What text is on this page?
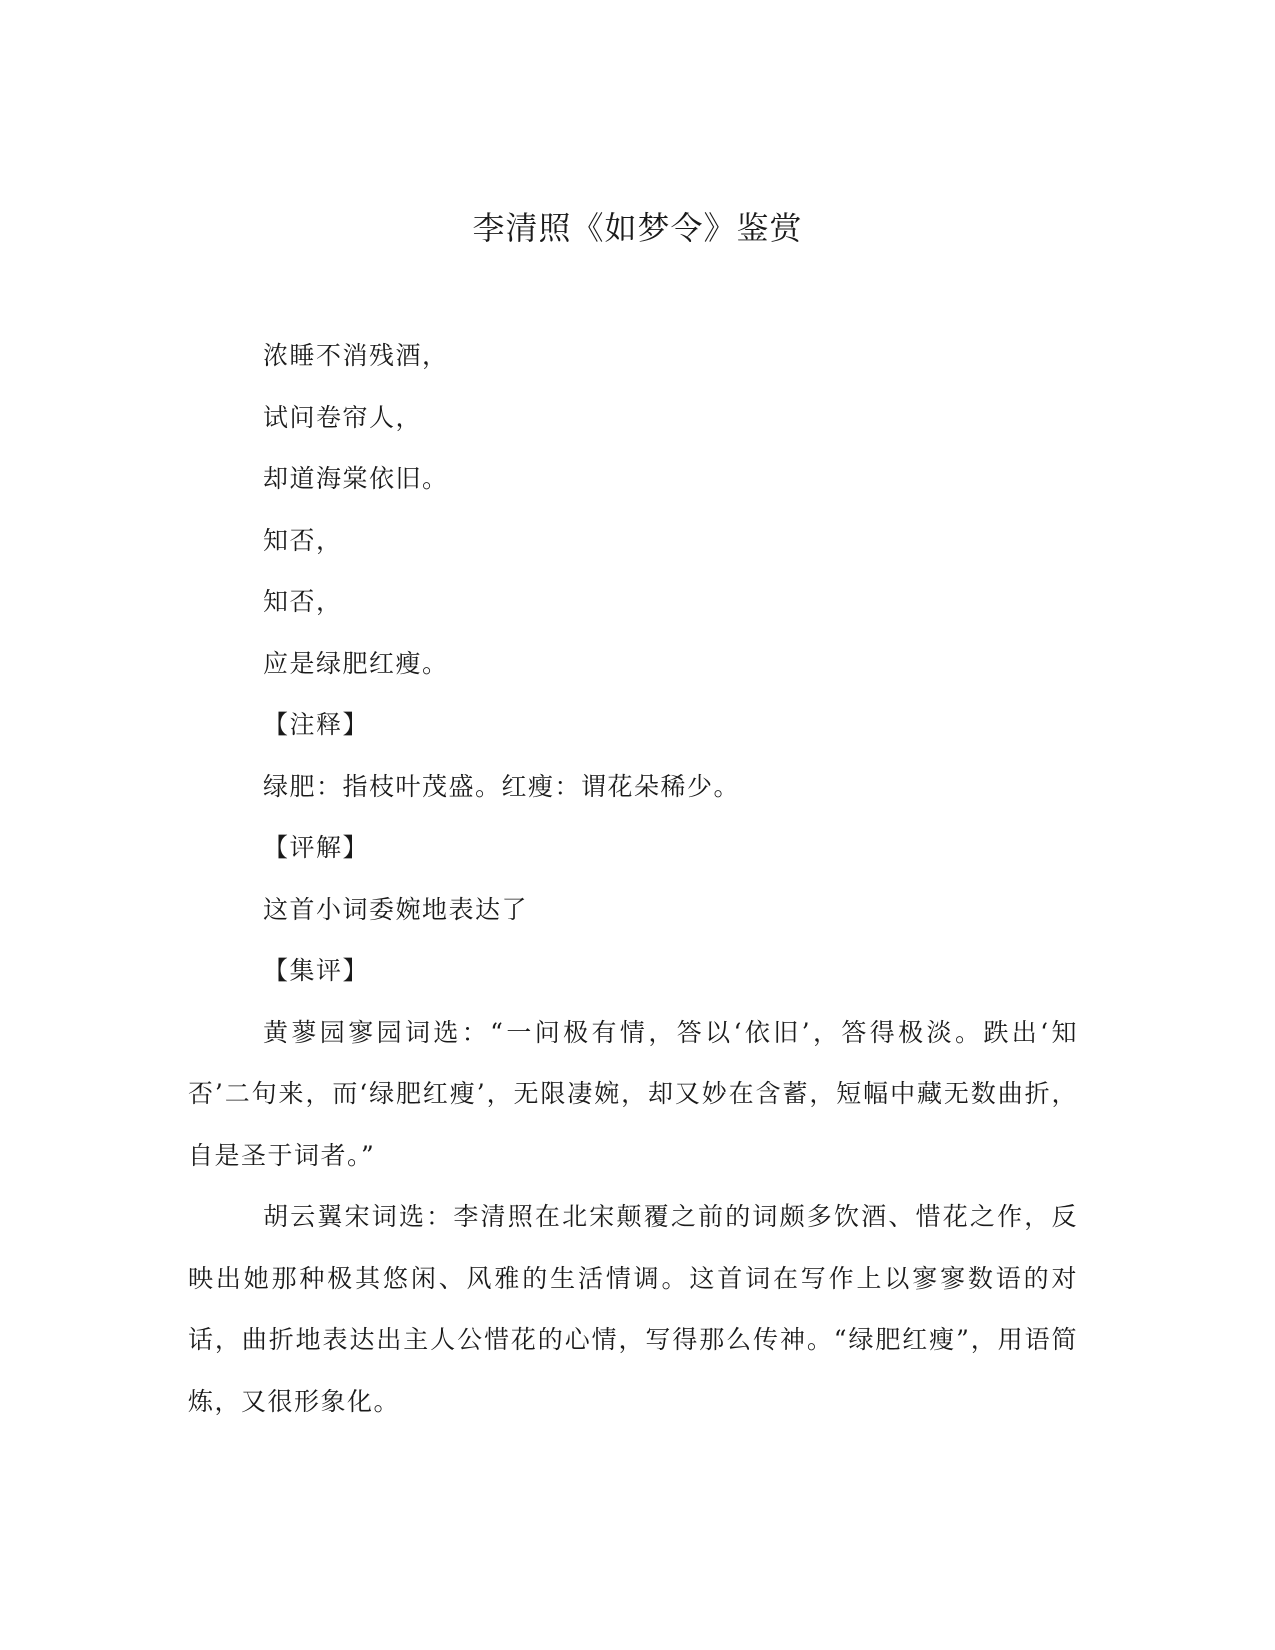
李清照《如梦令》鉴赏

浓睡不消残酒，

试问卷帘人，

却道海棠依旧。

知否，

知否，

应是绿肥红瘦。

【注释】

绿肥：指枝叶茂盛。红瘦：谓花朵稀少。

【评解】

这首小词委婉地表达了

【集评】

黄蓼园寥园词选：“一问极有情，答以‘依旧’，答得极淡。跌出‘知否’二句来，而‘绿肥红瘦’，无限凄婉，却又妙在含蓄，短幅中藏无数曲折，自是圣于词者。”

胡云翼宋词选：李清照在北宋颠覆之前的词颇多饮酒、惜花之作，反映出她那种极其悠闲、风雅的生活情调。这首词在写作上以寥寥数语的对话，曲折地表达出主人公惜花的心情，写得那么传神。“绿肥红瘦”，用语简炼，又很形象化。
